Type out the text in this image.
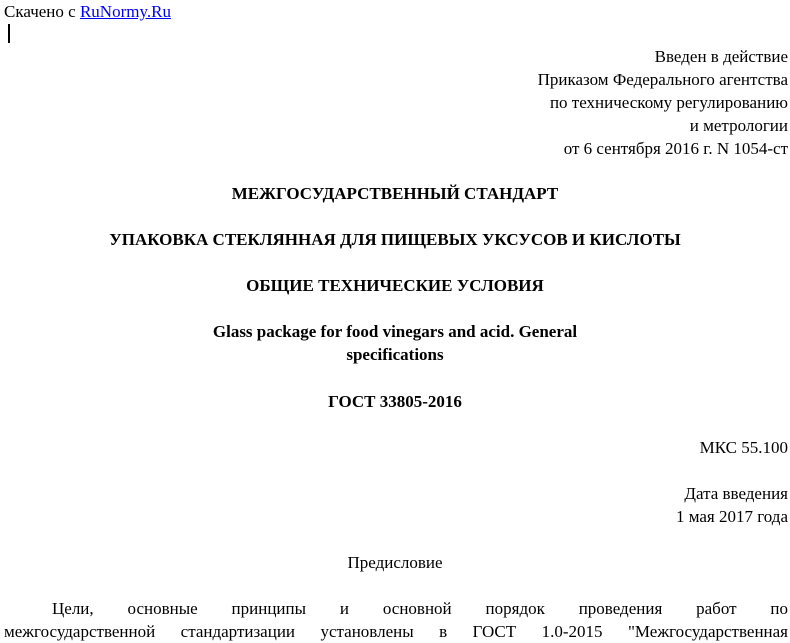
Скачено с RuNormy.Ru
Введен в действие
Приказом Федерального агентства
по техническому регулированию
и метрологии
от 6 сентября 2016 г. N 1054-ст
МЕЖГОСУДАРСТВЕННЫЙ СТАНДАРТ
УПАКОВКА СТЕКЛЯННАЯ ДЛЯ ПИЩЕВЫХ УКСУСОВ И КИСЛОТЫ
ОБЩИЕ ТЕХНИЧЕСКИЕ УСЛОВИЯ
Glass package for food vinegars and acid. General
specifications
ГОСТ 33805-2016
МКС 55.100
Дата введения
1 мая 2017 года
Предисловие
Цели, основные принципы и основной порядок проведения работ по
межгосударственной стандартизации установлены в ГОСТ 1.0-2015 "Межгосударственная
